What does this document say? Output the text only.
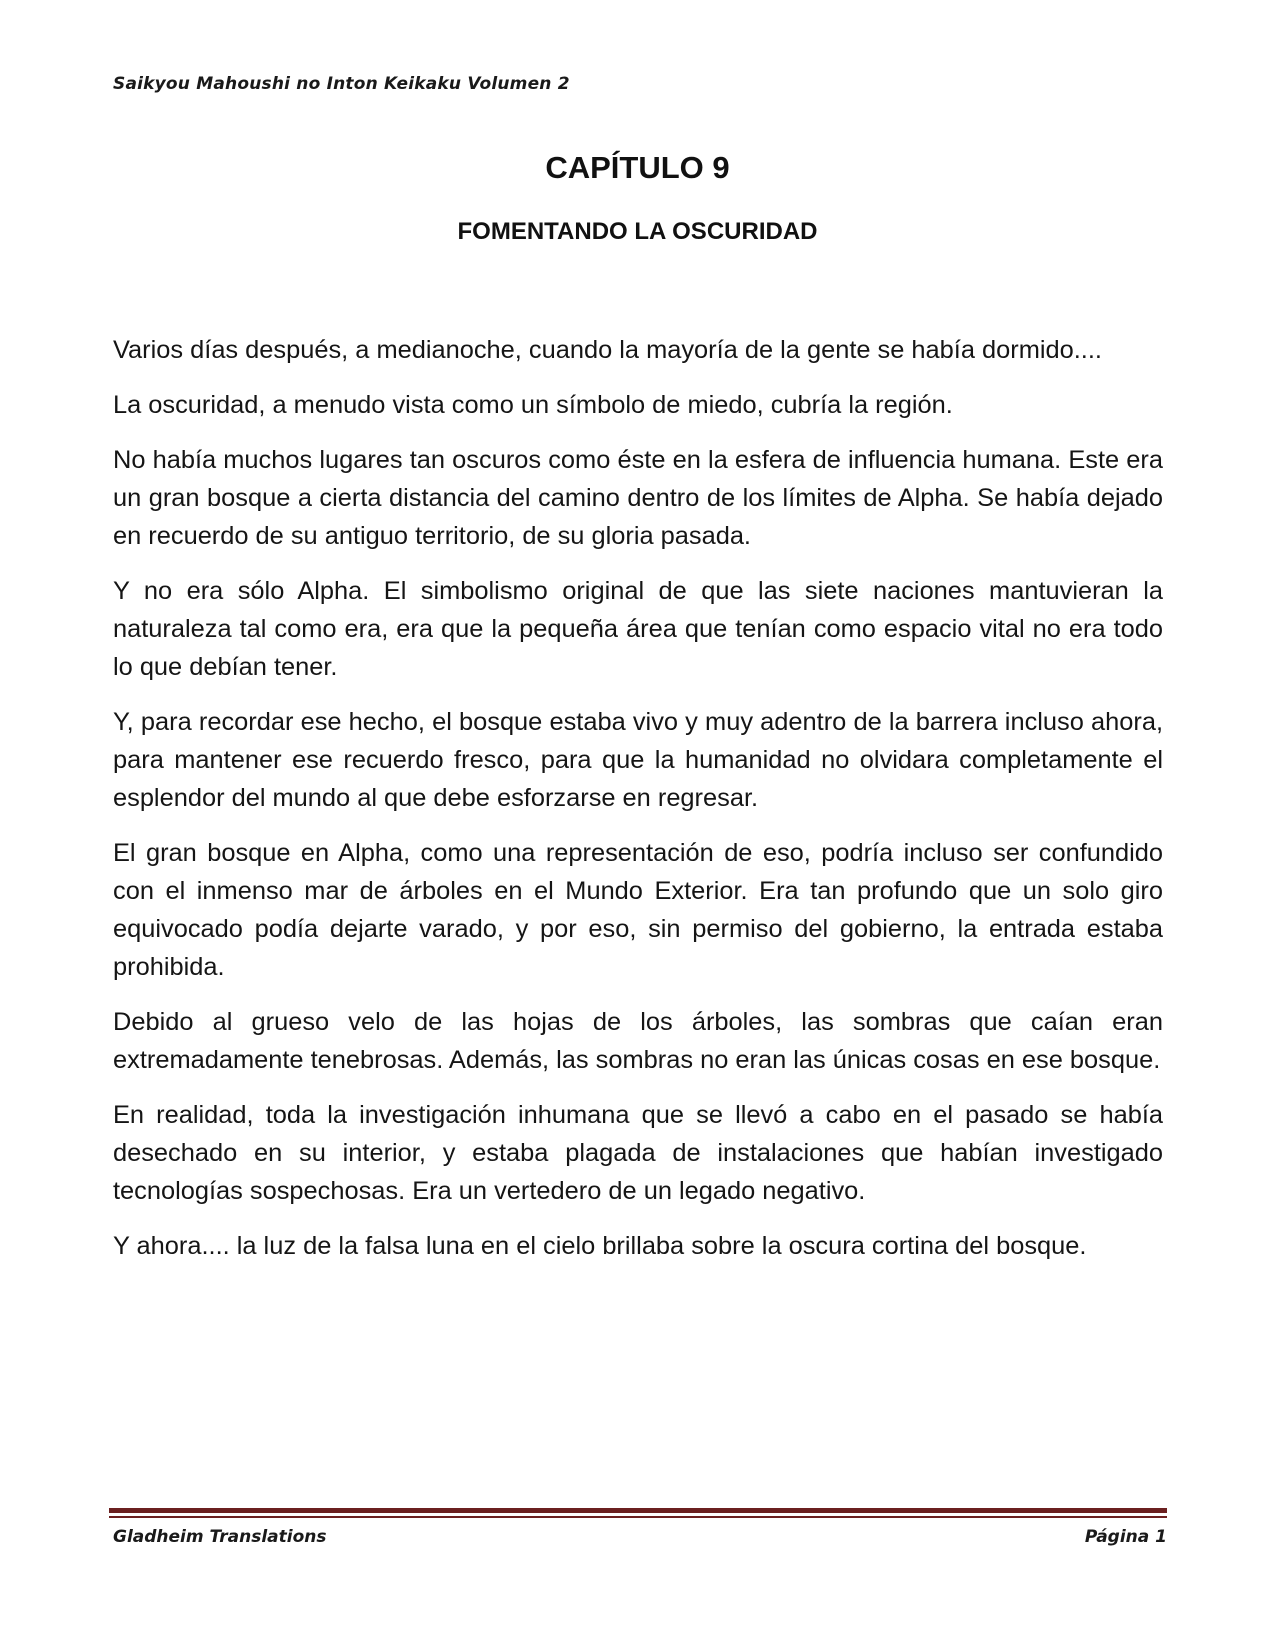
Saikyou Mahoushi no Inton Keikaku Volumen 2
CAPÍTULO 9
FOMENTANDO LA OSCURIDAD

Varios días después, a medianoche, cuando la mayoría de la gente se había dormido....

La oscuridad, a menudo vista como un símbolo de miedo, cubría la región.

No había muchos lugares tan oscuros como éste en la esfera de influencia humana. Este era un gran bosque a cierta distancia del camino dentro de los límites de Alpha. Se había dejado en recuerdo de su antiguo territorio, de su gloria pasada.

Y no era sólo Alpha. El simbolismo original de que las siete naciones mantuvieran la naturaleza tal como era, era que la pequeña área que tenían como espacio vital no era todo lo que debían tener.

Y, para recordar ese hecho, el bosque estaba vivo y muy adentro de la barrera incluso ahora, para mantener ese recuerdo fresco, para que la humanidad no olvidara completamente el esplendor del mundo al que debe esforzarse en regresar.

El gran bosque en Alpha, como una representación de eso, podría incluso ser confundido con el inmenso mar de árboles en el Mundo Exterior. Era tan profundo que un solo giro equivocado podía dejarte varado, y por eso, sin permiso del gobierno, la entrada estaba prohibida.

Debido al grueso velo de las hojas de los árboles, las sombras que caían eran extremadamente tenebrosas. Además, las sombras no eran las únicas cosas en ese bosque.

En realidad, toda la investigación inhumana que se llevó a cabo en el pasado se había desechado en su interior, y estaba plagada de instalaciones que habían investigado tecnologías sospechosas. Era un vertedero de un legado negativo.

Y ahora.... la luz de la falsa luna en el cielo brillaba sobre la oscura cortina del bosque.

Gladheim Translations	Página 1
